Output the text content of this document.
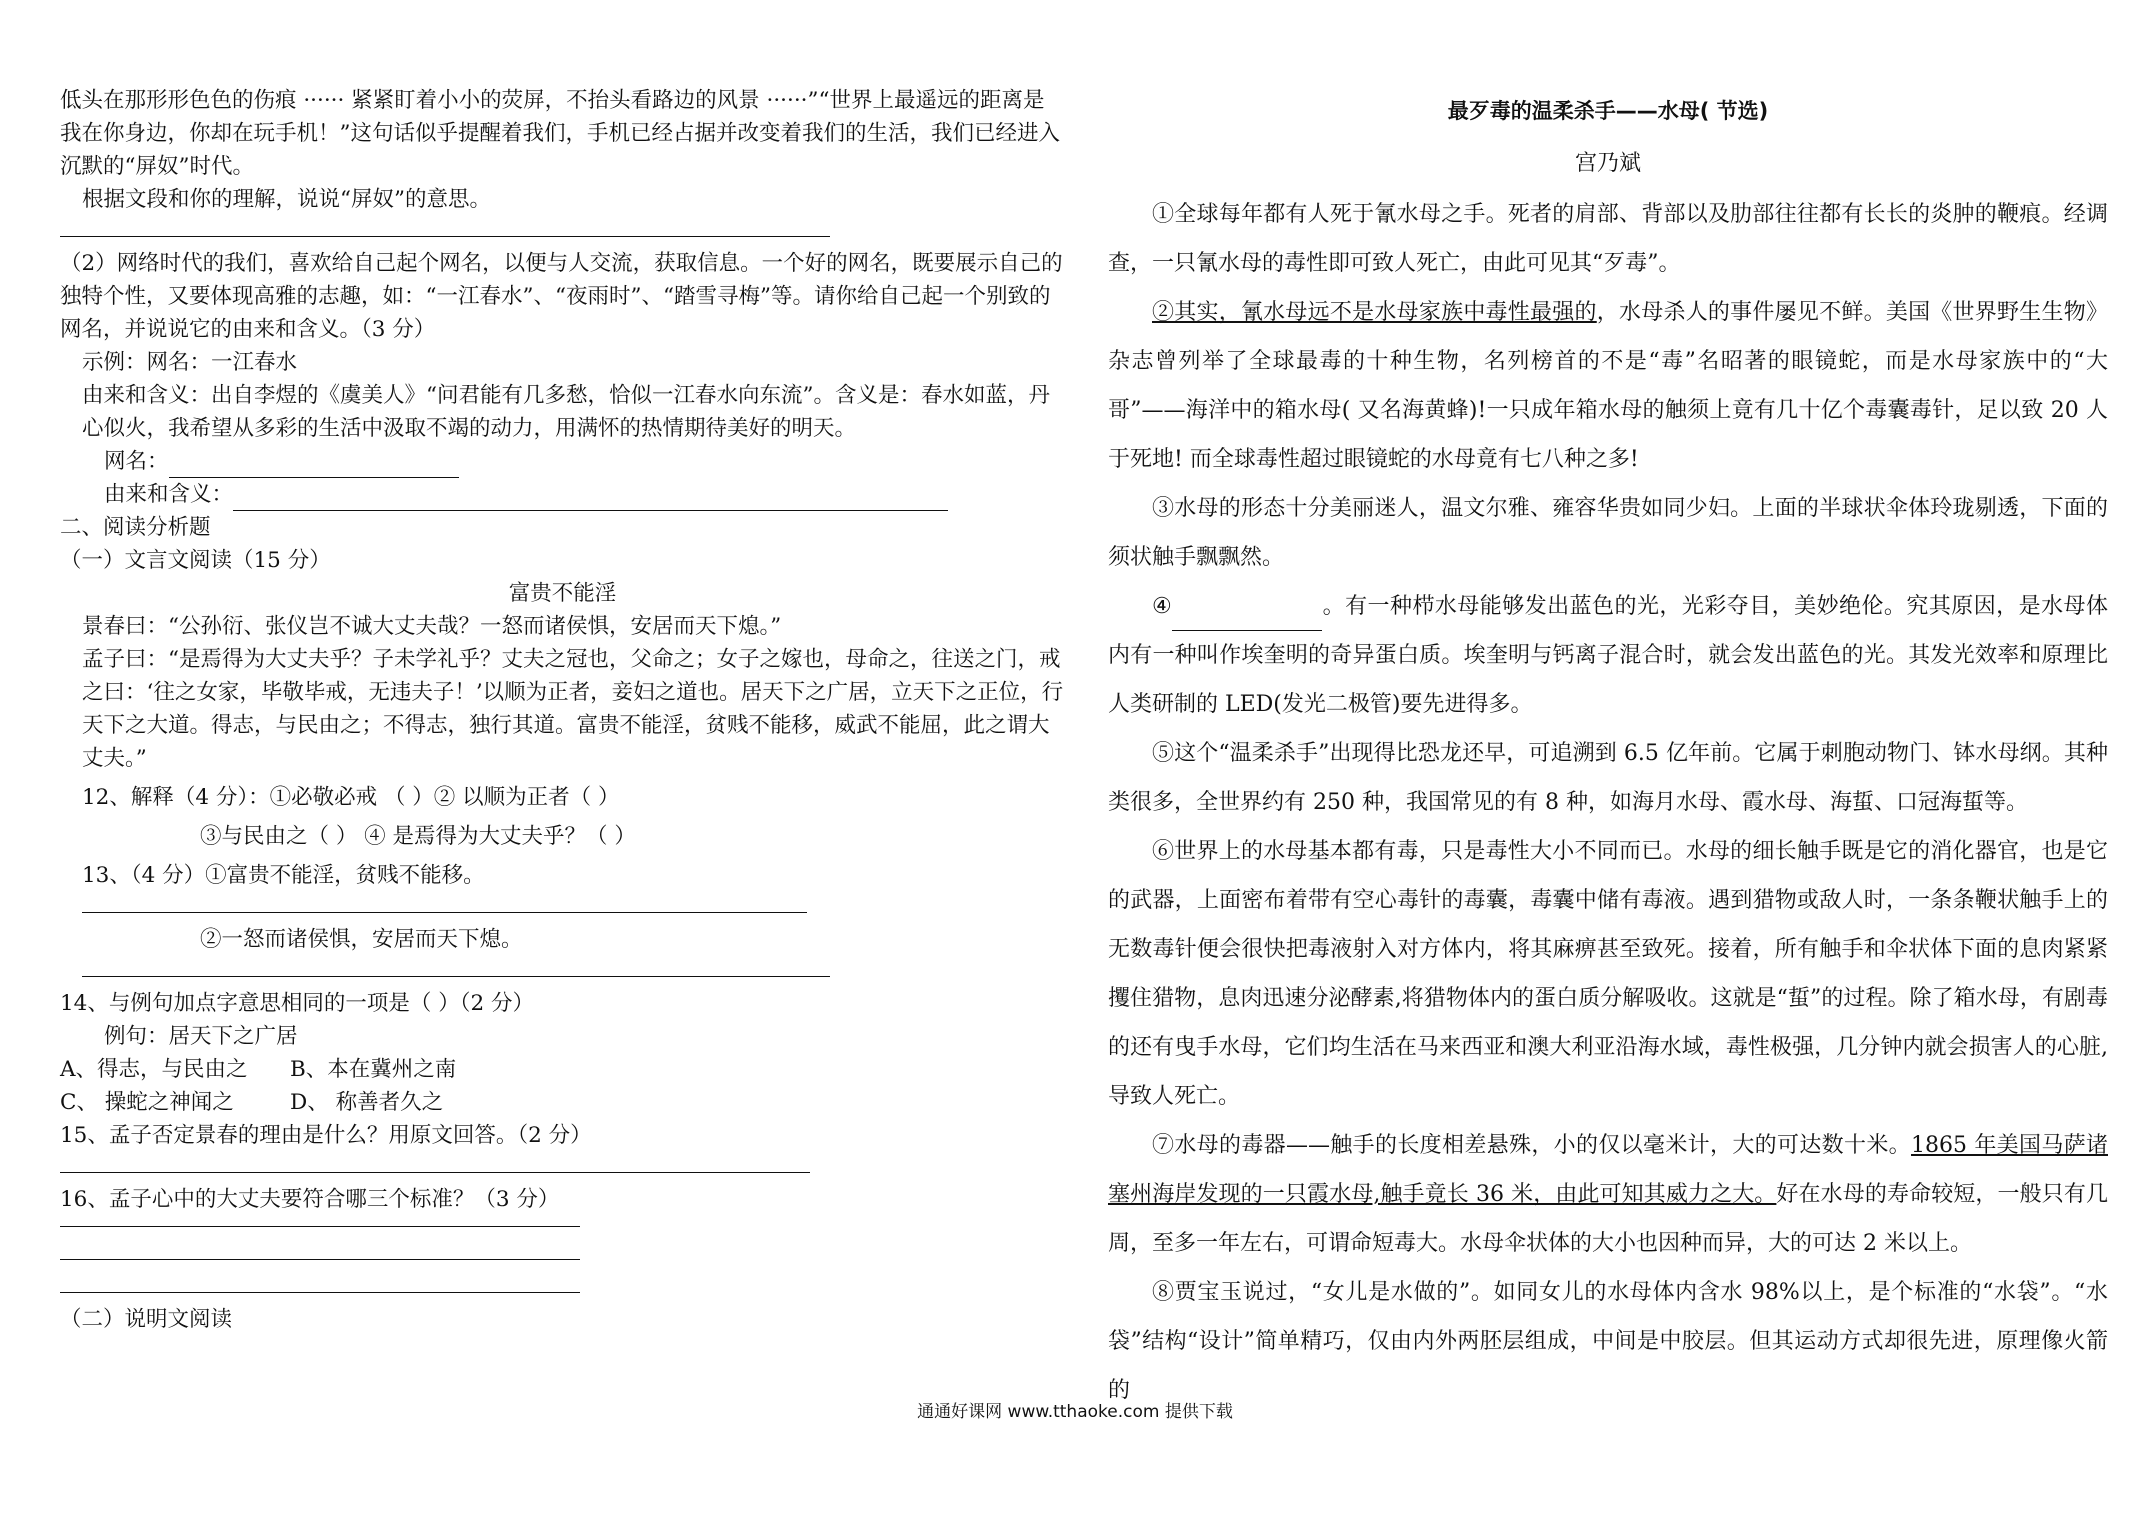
低头在那形形色色的伤痕 ······ 紧紧盯着小小的荧屏，不抬头看路边的风景 ······”“世界上最遥远的距离是我在你身边，你却在玩手机！”这句话似乎提醒着我们，手机已经占据并改变着我们的生活，我们已经进入沉默的“屏奴”时代。

根据文段和你的理解，说说“屏奴”的意思。

（2）网络时代的我们，喜欢给自己起个网名，以便与人交流，获取信息。一个好的网名，既要展示自己的独特个性，又要体现高雅的志趣，如：“一江春水”、“夜雨时”、“踏雪寻梅”等。请你给自己起一个别致的网名，并说说它的由来和含义。（3 分）

示例：网名：一江春水

由来和含义：出自李煜的《虞美人》“问君能有几多愁，恰似一江春水向东流”。含义是：春水如蓝，丹心似火，我希望从多彩的生活中汲取不竭的动力，用满怀的热情期待美好的明天。

网名：

由来和含义：

二、阅读分析题

（一）文言文阅读（15 分）

富贵不能淫

景春曰：“公孙衍、张仪岂不诚大丈夫哉？一怒而诸侯惧，安居而天下熄。”

孟子曰：“是焉得为大丈夫乎？子未学礼乎？丈夫之冠也，父命之；女子之嫁也，母命之，往送之门，戒之曰：‘往之女家，毕敬毕戒，无违夫子！’以顺为正者，妾妇之道也。居天下之广居，立天下之正位，行天下之大道。得志，与民由之；不得志，独行其道。富贵不能淫，贫贱不能移，威武不能屈，此之谓大丈夫。”

12、解释（4 分）：①必敬必戒 （ ）② 以顺为正者（ ）

③与民由之（ ） ④ 是焉得为大丈夫乎？（ ）

13、（4 分）①富贵不能淫，贫贱不能移。

②一怒而诸侯惧，安居而天下熄。

14、与例句加点字意思相同的一项是（ ）（2 分）

例句：居天下之广居

A、得志，与民由之 B、本在冀州之南

C、 操蛇之神闻之	D、 称善者久之

15、孟子否定景春的理由是什么？用原文回答。（2 分）

16、孟子心中的大丈夫要符合哪三个标准？（3 分）

（二）说明文阅读

最歹毒的温柔杀手——水母( 节选)
宫乃斌

①全球每年都有人死于氰水母之手。死者的肩部、背部以及肋部往往都有长长的炎肿的鞭痕。经调查，一只氰水母的毒性即可致人死亡，由此可见其“歹毒”。

②其实，氰水母远不是水母家族中毒性最强的，水母杀人的事件屡见不鲜。美国《世界野生生物》杂志曾列举了全球最毒的十种生物，名列榜首的不是“毒”名昭著的眼镜蛇，而是水母家族中的“大哥”——海洋中的箱水母( 又名海黄蜂)!一只成年箱水母的触须上竟有几十亿个毒囊毒针，足以致 20 人于死地! 而全球毒性超过眼镜蛇的水母竟有七八种之多!

③水母的形态十分美丽迷人，温文尔雅、雍容华贵如同少妇。上面的半球状伞体玲珑剔透，下面的须状触手飘飘然。

④	。有一种栉水母能够发出蓝色的光，光彩夺目，美妙绝伦。究其原因，是水母体内有一种叫作埃奎明的奇异蛋白质。埃奎明与钙离子混合时，就会发出蓝色的光。其发光效率和原理比人类研制的 LED(发光二极管)要先进得多。

⑤这个“温柔杀手”出现得比恐龙还早，可追溯到 6.5 亿年前。它属于刺胞动物门、钵水母纲。其种类很多，全世界约有 250 种，我国常见的有 8 种，如海月水母、霞水母、海蜇、口冠海蜇等。

⑥世界上的水母基本都有毒，只是毒性大小不同而已。水母的细长触手既是它的消化器官，也是它的武器，上面密布着带有空心毒针的毒囊，毒囊中储有毒液。遇到猎物或敌人时，一条条鞭状触手上的无数毒针便会很快把毒液射入对方体内，将其麻痹甚至致死。接着，所有触手和伞状体下面的息肉紧紧攫住猎物，息肉迅速分泌酵素,将猎物体内的蛋白质分解吸收。这就是“蜇”的过程。除了箱水母，有剧毒的还有曳手水母，它们均生活在马来西亚和澳大利亚沿海水域，毒性极强，几分钟内就会损害人的心脏,导致人死亡。

⑦水母的毒器——触手的长度相差悬殊，小的仅以毫米计，大的可达数十米。1865 年美国马萨诸塞州海岸发现的一只霞水母,触手竟长 36 米，由此可知其威力之大。好在水母的寿命较短，一般只有几周，至多一年左右，可谓命短毒大。水母伞状体的大小也因种而异，大的可达 2 米以上。

⑧贾宝玉说过，“女儿是水做的”。如同女儿的水母体内含水 98%以上，是个标准的“水袋”。“水袋”结构“设计”简单精巧，仅由内外两胚层组成，中间是中胶层。但其运动方式却很先进，原理像火箭的

通通好课网 www.tthaoke.com 提供下载
